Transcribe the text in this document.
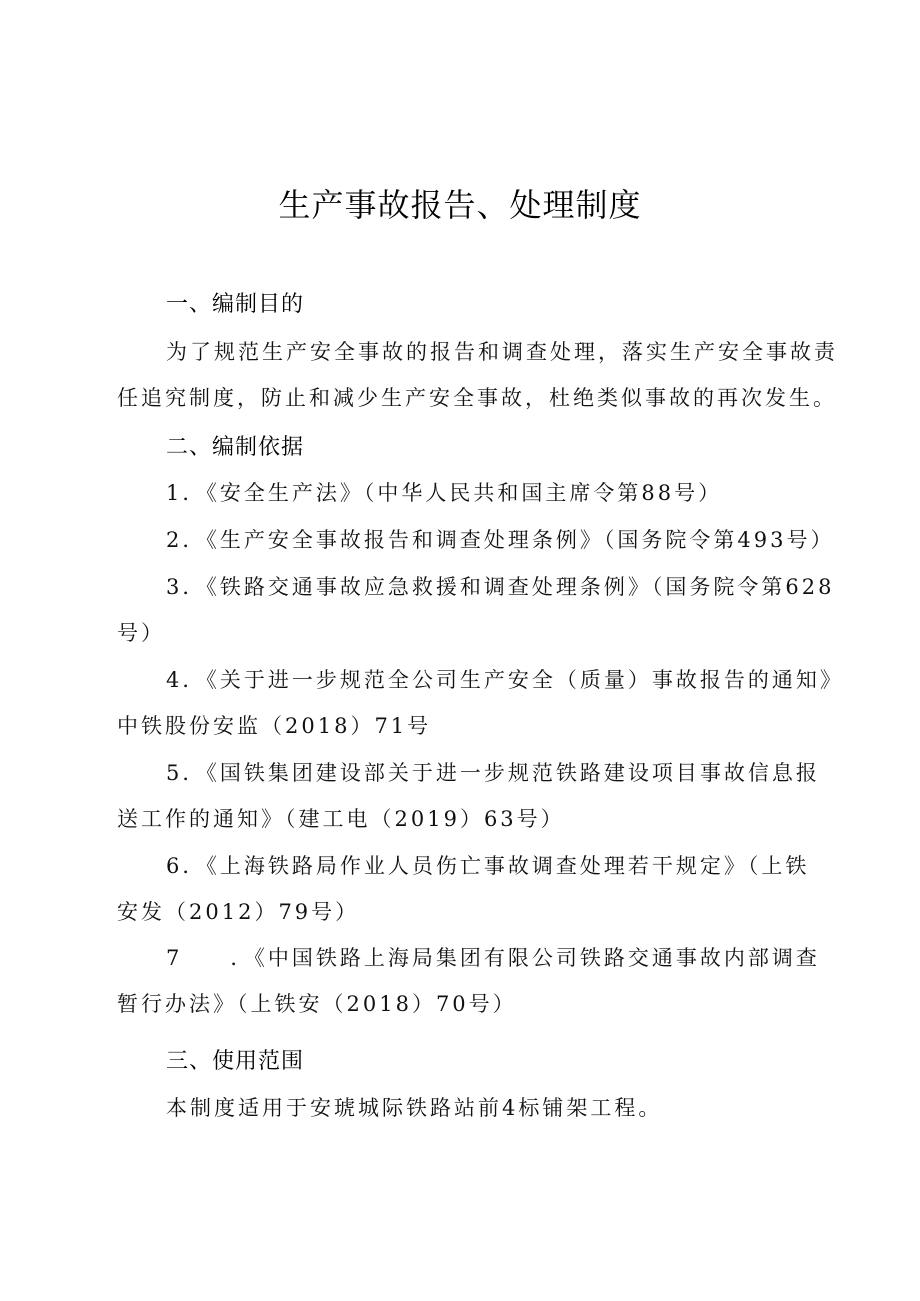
生产事故报告、处理制度
一、编制目的
为了规范生产安全事故的报告和调查处理，落实生产安全事故责
任追究制度，防止和减少生产安全事故，杜绝类似事故的再次发生。
二、编制依据
1．《安全生产法》（中华人民共和国主席令第88号）
2．《生产安全事故报告和调查处理条例》（国务院令第493号）
3．《铁路交通事故应急救援和调查处理条例》（国务院令第628
号）
4．《关于进一步规范全公司生产安全（质量）事故报告的通知》
中铁股份安监（2018）71号
5．《国铁集团建设部关于进一步规范铁路建设项目事故信息报
送工作的通知》（建工电（2019）63号）
6．《上海铁路局作业人员伤亡事故调查处理若干规定》（上铁
安发（2012）79号）
7　　．《中国铁路上海局集团有限公司铁路交通事故内部调查
暂行办法》（上铁安（2018）70号）
三、使用范围
本制度适用于安琥城际铁路站前4标铺架工程。
